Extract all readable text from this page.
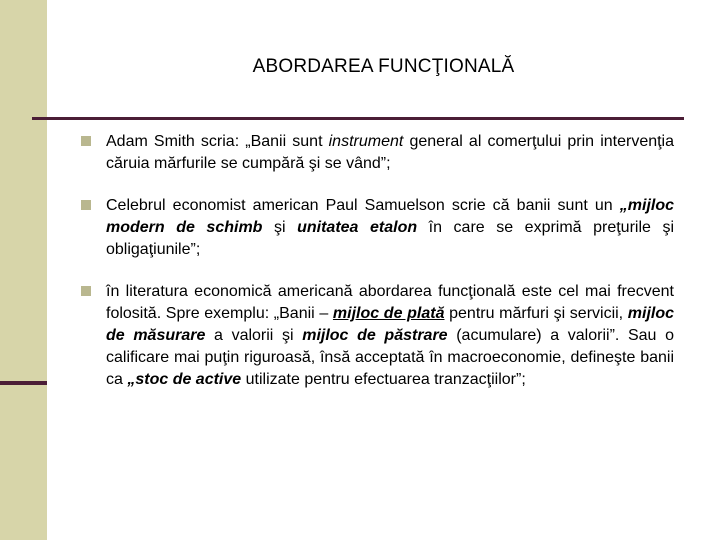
ABORDAREA FUNCŢIONALĂ
Adam Smith scria: „Banii sunt instrument general al comerţului prin intervenţia căruia mărfurile se cumpără şi se vând”;
Celebrul economist american Paul Samuelson scrie că banii sunt un „mijloc modern de schimb şi unitatea etalon în care se exprimă preţurile şi obligaţiunile”;
în literatura economică americană abordarea funcţională este cel mai frecvent folosită. Spre exemplu: „Banii – mijloc de plată pentru mărfuri şi servicii, mijloc de măsurare a valorii şi mijloc de păstrare (acumulare) a valorii”. Sau o calificare mai puţin riguroasă, însă acceptată în macroeconomie, defineşte banii ca „stoc de active utilizate pentru efectuarea tranzacţiilor”;
